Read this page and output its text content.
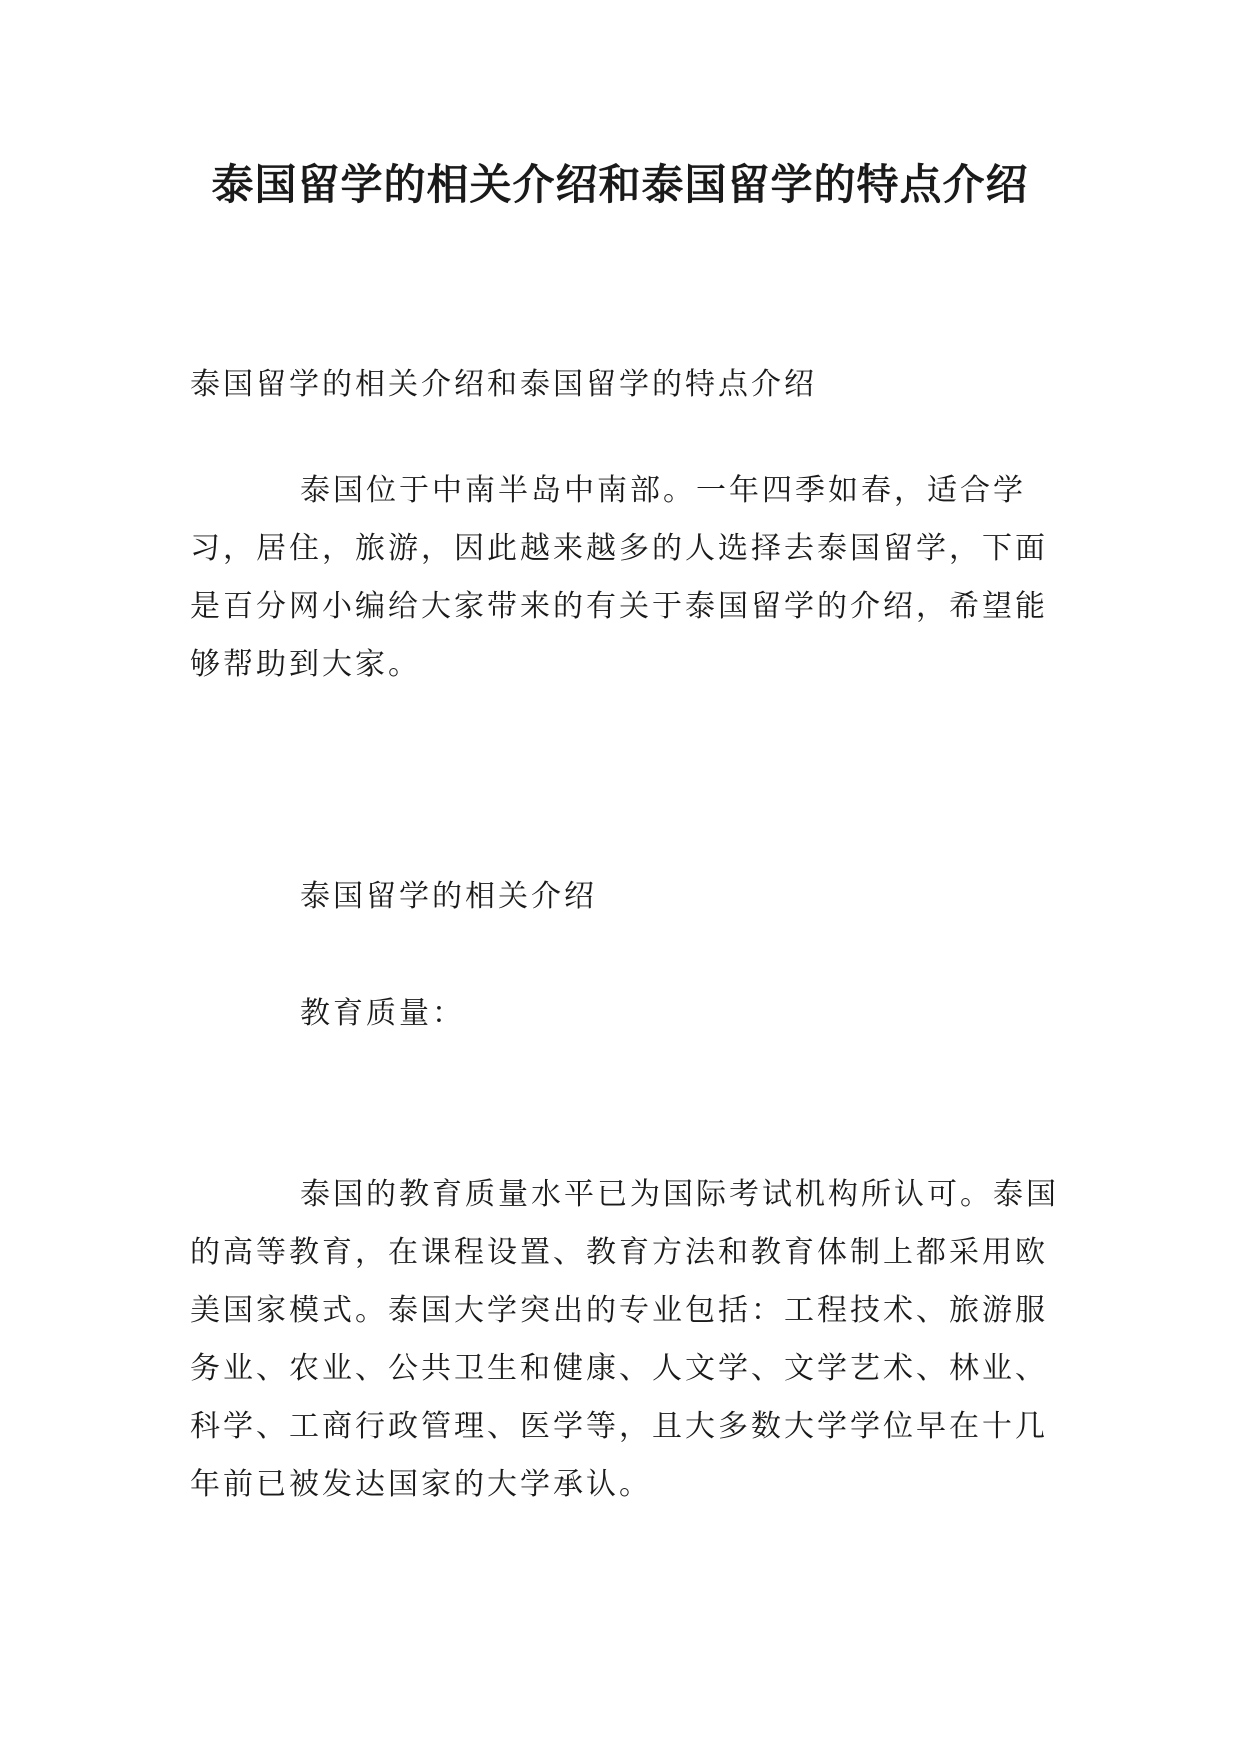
泰国留学的相关介绍和泰国留学的特点介绍

泰国留学的相关介绍和泰国留学的特点介绍

泰国位于中南半岛中南部。一年四季如春，适合学习，居住，旅游，因此越来越多的人选择去泰国留学，下面是百分网小编给大家带来的有关于泰国留学的介绍，希望能够帮助到大家。

泰国留学的相关介绍

教育质量：

泰国的教育质量水平已为国际考试机构所认可。泰国的高等教育，在课程设置、教育方法和教育体制上都采用欧美国家模式。泰国大学突出的专业包括：工程技术、旅游服务业、农业、公共卫生和健康、人文学、文学艺术、林业、科学、工商行政管理、医学等，且大多数大学学位早在十几年前已被发达国家的大学承认。
